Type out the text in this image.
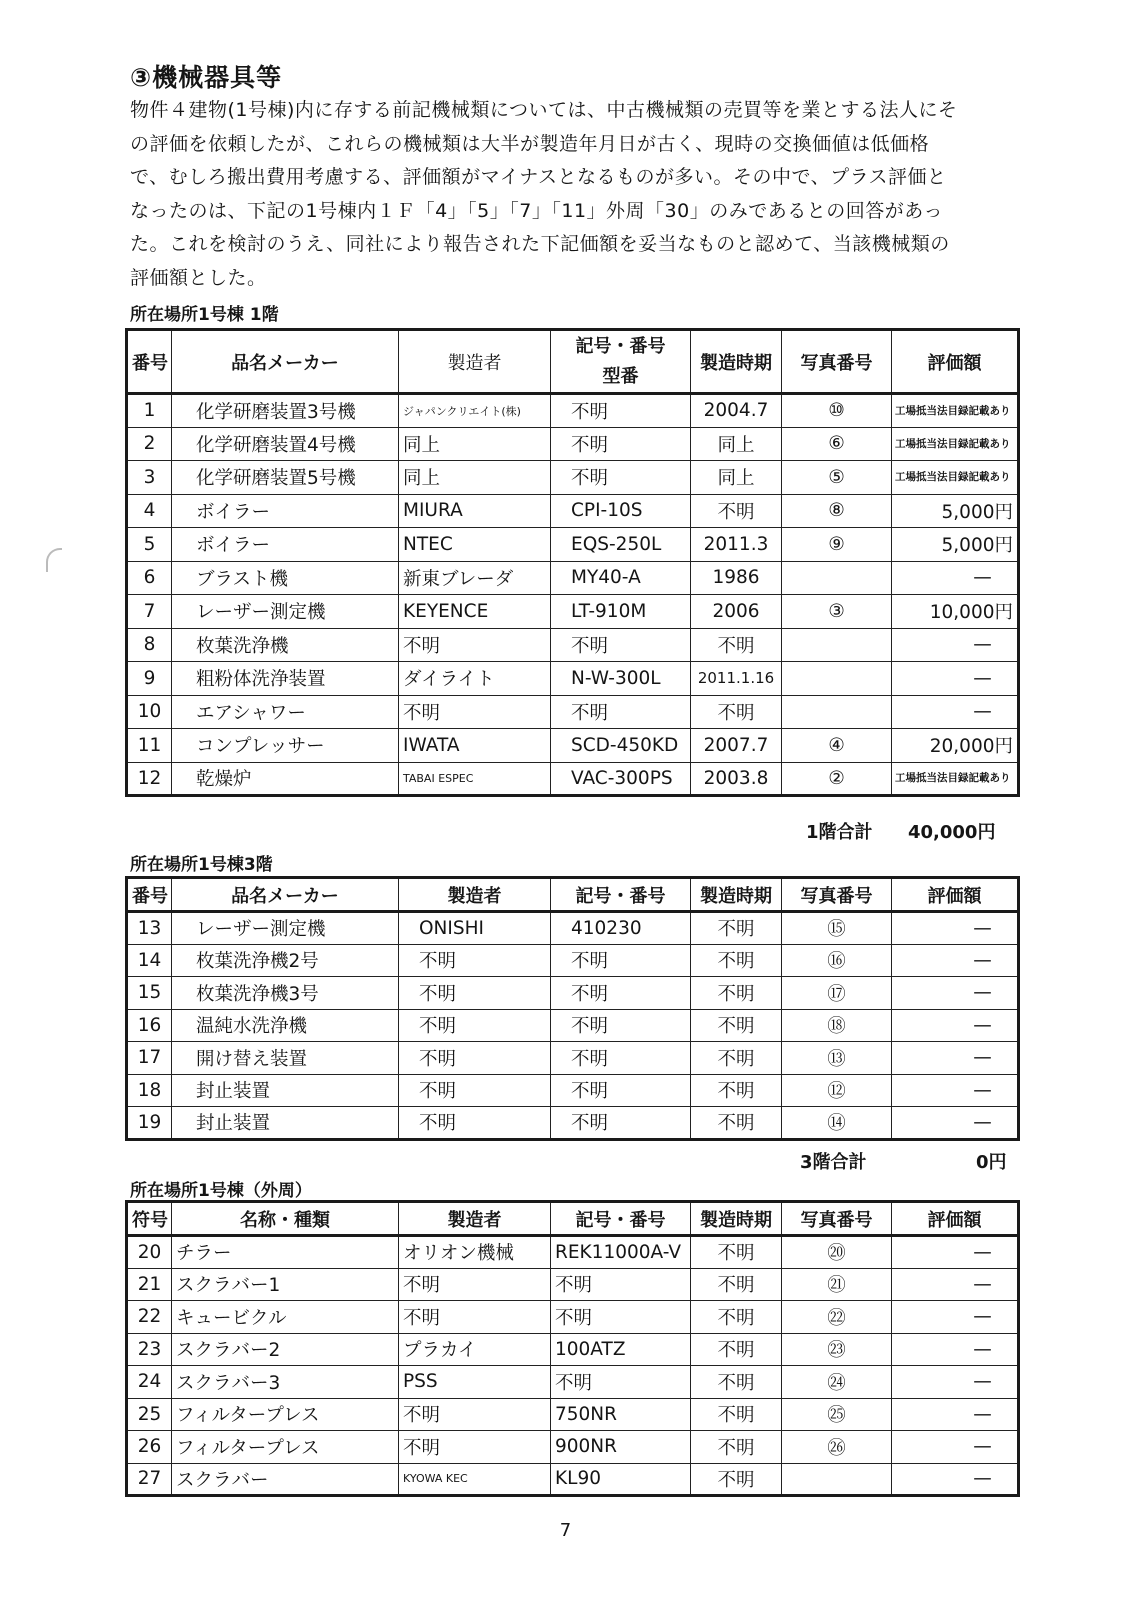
③機械器具等

物件４建物(1号棟)内に存する前記機械類については、中古機械類の売買等を業とする法人にそ

の評価を依頼したが、これらの機械類は大半が製造年月日が古く、現時の交換価値は低価格

で、むしろ搬出費用考慮する、評価額がマイナスとなるものが多い。その中で、プラス評価と

なったのは、下記の1号棟内１Ｆ「4」「5」「7」「11」外周「30」のみであるとの回答があっ

た。これを検討のうえ、同社により報告された下記価額を妥当なものと認めて、当該機械類の

評価額とした。

所在場所1号棟 1階
番号	品名メーカー	製造者	記号・番号
型番	製造時期	写真番号	評価額
1	化学研磨装置3号機	ジャパンクリエイト(株)	不明	2004.7	⑩	工場抵当法目録記載あり
2	化学研磨装置4号機	同上	不明	同上	⑥	工場抵当法目録記載あり
3	化学研磨装置5号機	同上	不明	同上	⑤	工場抵当法目録記載あり
4	ボイラー	MIURA	CPI-10S	不明	⑧	5,000円
5	ボイラー	NTEC	EQS-250L	2011.3	⑨	5,000円
6	ブラスト機	新東ブレーダ	MY40-A	1986		—
7	レーザー測定機	KEYENCE	LT-910M	2006	③	10,000円
8	枚葉洗浄機	不明	不明	不明		—
9	粗粉体洗浄装置	ダイライト	N-W-300L	2011.1.16		—
10	エアシャワー	不明	不明	不明		—
11	コンプレッサー	IWATA	SCD-450KD	2007.7	④	20,000円
12	乾燥炉	TABAI ESPEC	VAC-300PS	2003.8	②	工場抵当法目録記載あり
1階合計 40,000円
所在場所1号棟3階
番号	品名メーカー	製造者	記号・番号	製造時期	写真番号	評価額
13	レーザー測定機	ONISHI	410230	不明	⑮	—
14	枚葉洗浄機2号	不明	不明	不明	⑯	—
15	枚葉洗浄機3号	不明	不明	不明	⑰	—
16	温純水洗浄機	不明	不明	不明	⑱	—
17	開け替え装置	不明	不明	不明	⑬	—
18	封止装置	不明	不明	不明	⑫	—
19	封止装置	不明	不明	不明	⑭	—
3階合計	0円
所在場所1号棟（外周）
符号	名称・種類	製造者	記号・番号	製造時期	写真番号	評価額
20	チラー	オリオン機械	REK11000A-V	不明	⑳	—
21	スクラバー1	不明	不明	不明	㉑	—
22	キュービクル	不明	不明	不明	㉒	—
23	スクラバー2	プラカイ	100ATZ	不明	㉓	—
24	スクラバー3	PSS	不明	不明	㉔	—
25	フィルタープレス	不明	750NR	不明	㉕	—
26	フィルタープレス	不明	900NR	不明	㉖	—
27	スクラバー	KYOWA KEC	KL90	不明		—
7
